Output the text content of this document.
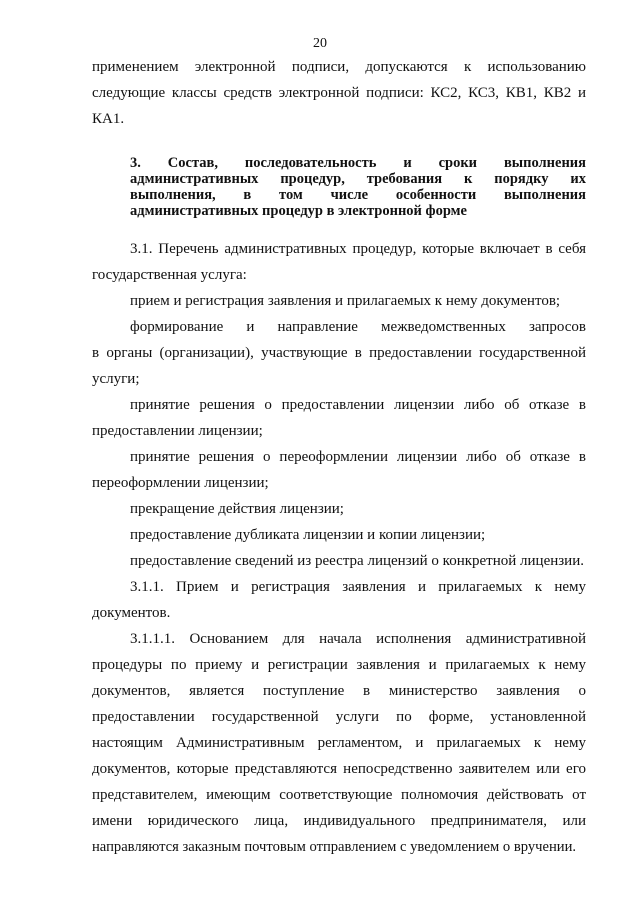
20
применением электронной подписи, допускаются к использованию
следующие классы средств электронной подписи: КС2, КС3, КВ1, КВ2 и
КА1.
3. Состав, последовательность и сроки выполнения
административных процедур, требования к порядку их
выполнения, в том числе особенности выполнения
административных процедур в электронной форме
3.1. Перечень административных процедур, которые включает в себя
государственная услуга:
прием и регистрация заявления и прилагаемых к нему документов;
формирование и направление межведомственных запросов
в органы (организации), участвующие в предоставлении государственной
услуги;
принятие решения о предоставлении лицензии либо об отказе в
предоставлении лицензии;
принятие решения о переоформлении лицензии либо об отказе в
переоформлении лицензии;
прекращение действия лицензии;
предоставление дубликата лицензии и копии лицензии;
предоставление сведений из реестра лицензий о конкретной лицензии.
3.1.1. Прием и регистрация заявления и прилагаемых к нему
документов.
3.1.1.1. Основанием для начала исполнения административной
процедуры по приему и регистрации заявления и прилагаемых к нему
документов, является поступление в министерство заявления о
предоставлении государственной услуги по форме, установленной
настоящим Административным регламентом, и прилагаемых к нему
документов, которые представляются непосредственно заявителем или его
представителем, имеющим соответствующие полномочия действовать от
имени юридического лица, индивидуального предпринимателя, или
направляются заказным почтовым отправлением с уведомлением о вручении.
